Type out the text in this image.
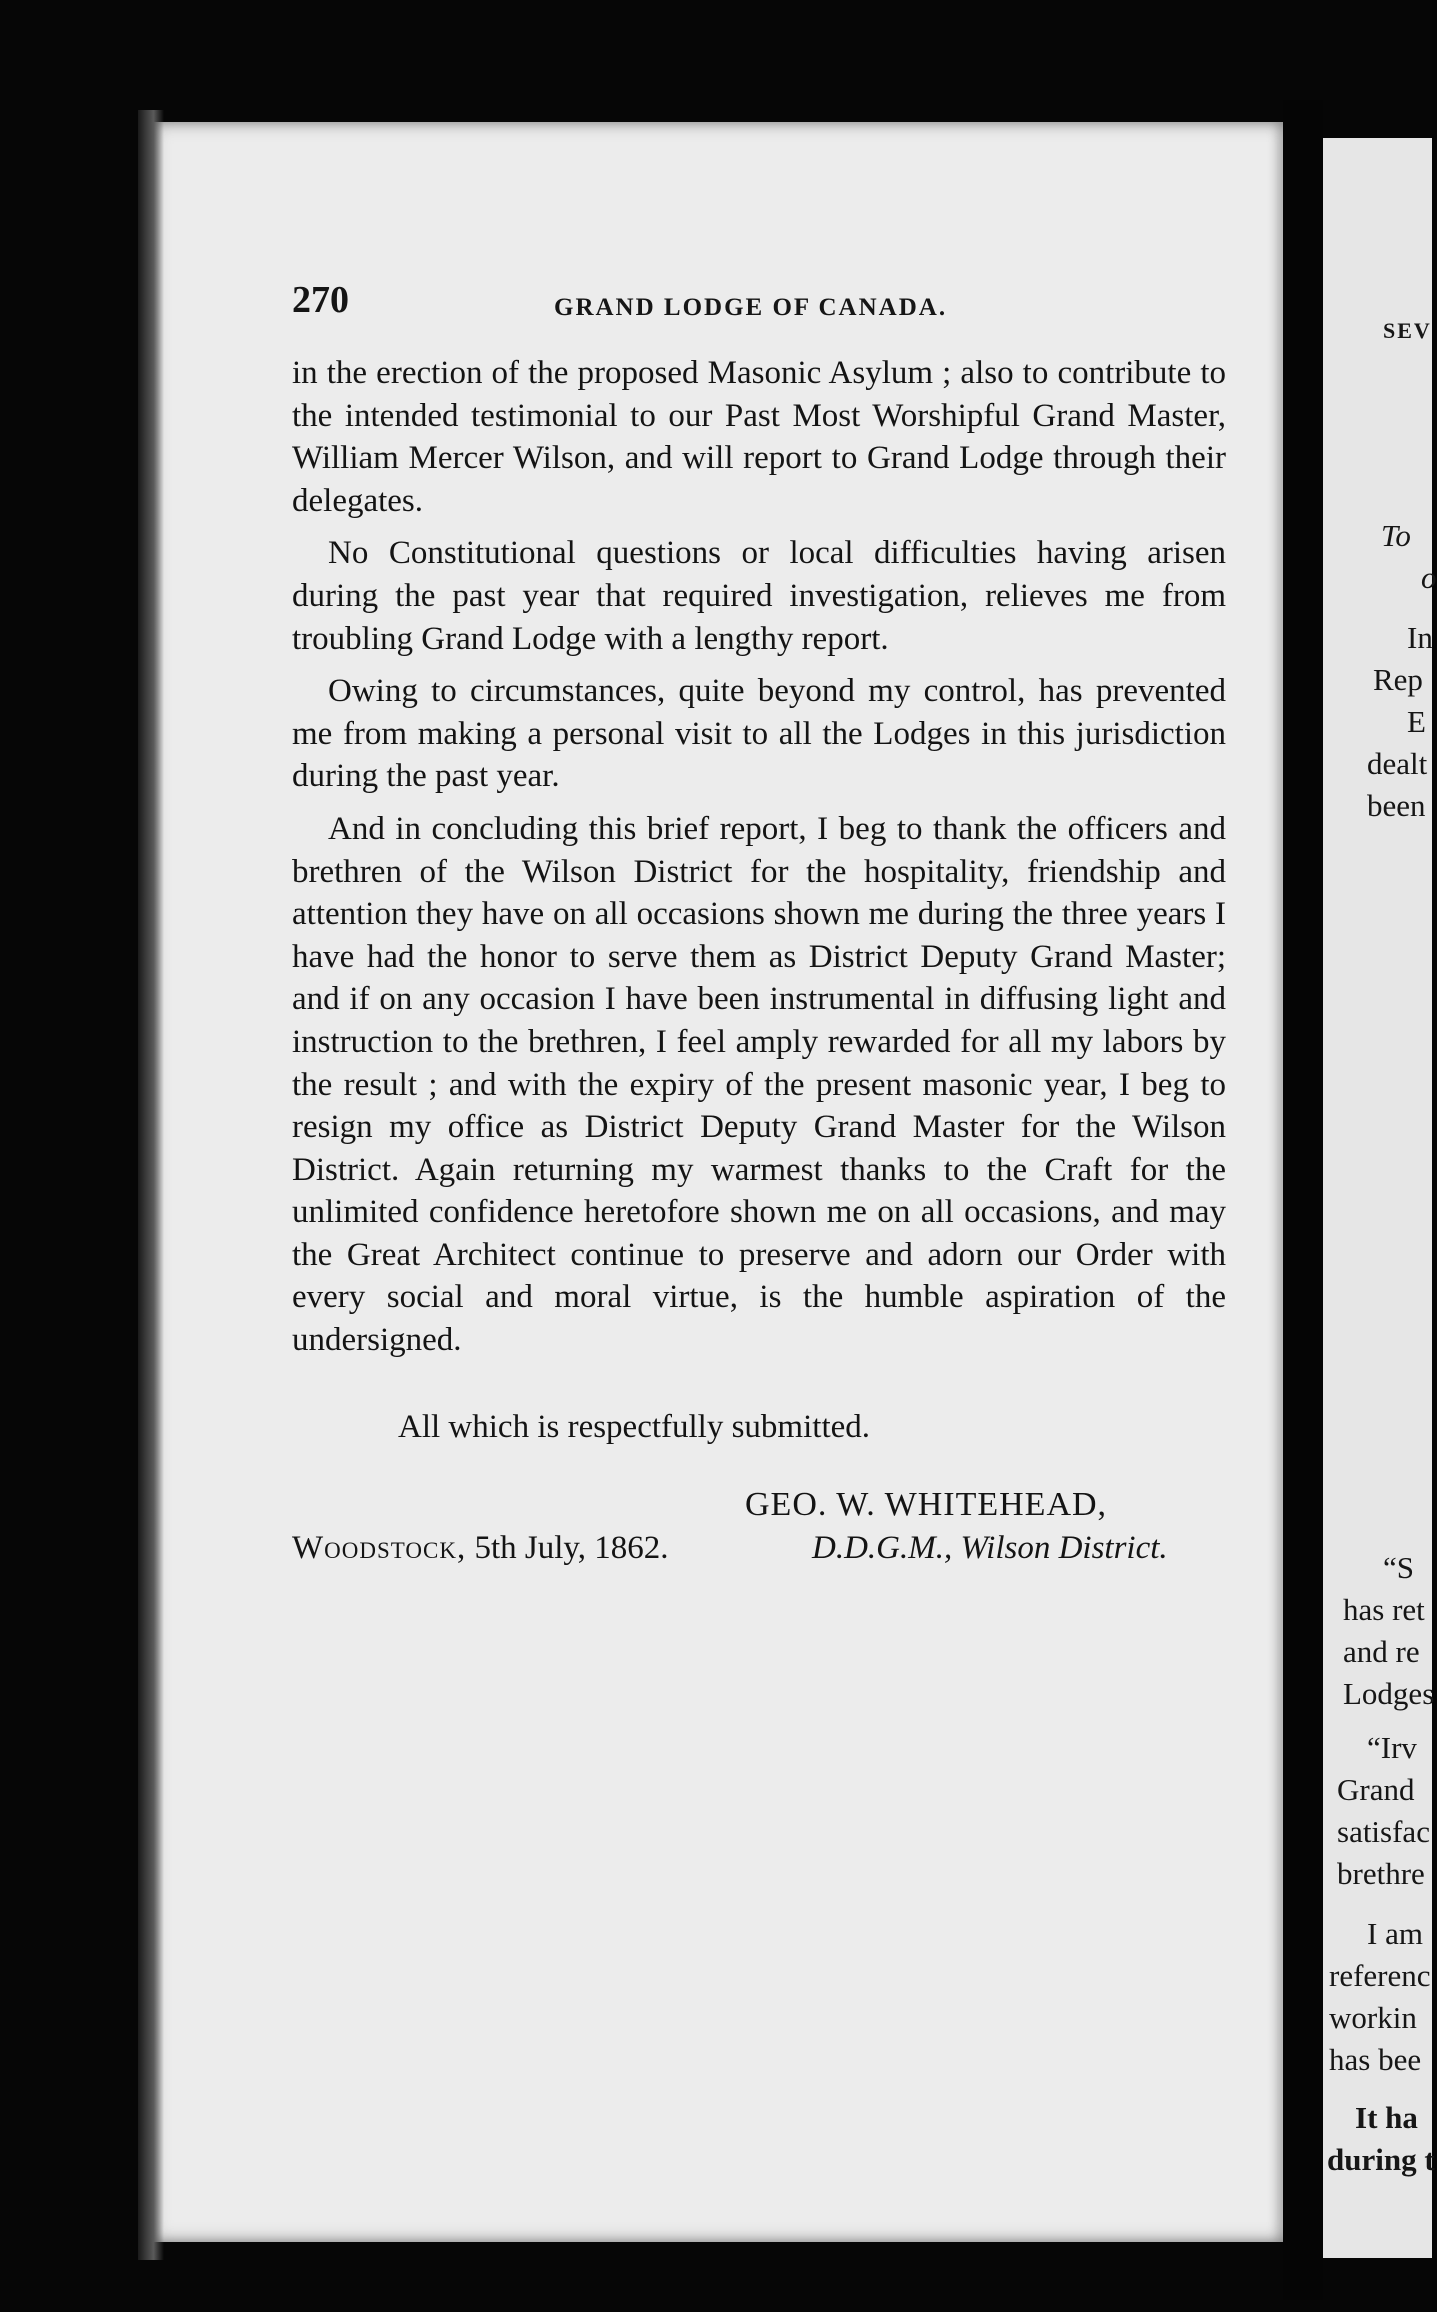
270	GRAND LODGE OF CANADA.

in the erection of the proposed Masonic Asylum ; also to contribute to the intended testimonial to our Past Most Worshipful Grand Master, William Mercer Wilson, and will report to Grand Lodge through their delegates.

No Constitutional questions or local difficulties having arisen during the past year that required investigation, relieves me from troubling Grand Lodge with a lengthy report.

Owing to circumstances, quite beyond my control, has prevented me from making a personal visit to all the Lodges in this jurisdiction during the past year.

And in concluding this brief report, I beg to thank the officers and brethren of the Wilson District for the hospitality, friendship and attention they have on all occasions shown me during the three years I have had the honor to serve them as District Deputy Grand Master; and if on any occasion I have been instrumental in diffusing light and instruction to the brethren, I feel amply rewarded for all my labors by the result ; and with the expiry of the present masonic year, I beg to resign my office as District Deputy Grand Master for the Wilson District. Again returning my warmest thanks to the Craft for the unlimited confidence heretofore shown me on all occasions, and may the Great Architect continue to preserve and adorn our Order with every social and moral virtue, is the humble aspiration of the undersigned.

All which is respectfully submitted.
GEO. W. WHITEHEAD,
Woodstock, 5th July, 1862.	D.D.G.M., Wilson District.
SEV
To
o
In
Rep
E
dealt
been
“S
has ret
and re
Lodges
“Irv
Grand
satisfac
brethre
I am
referenc
workin
has bee
It ha
during t
